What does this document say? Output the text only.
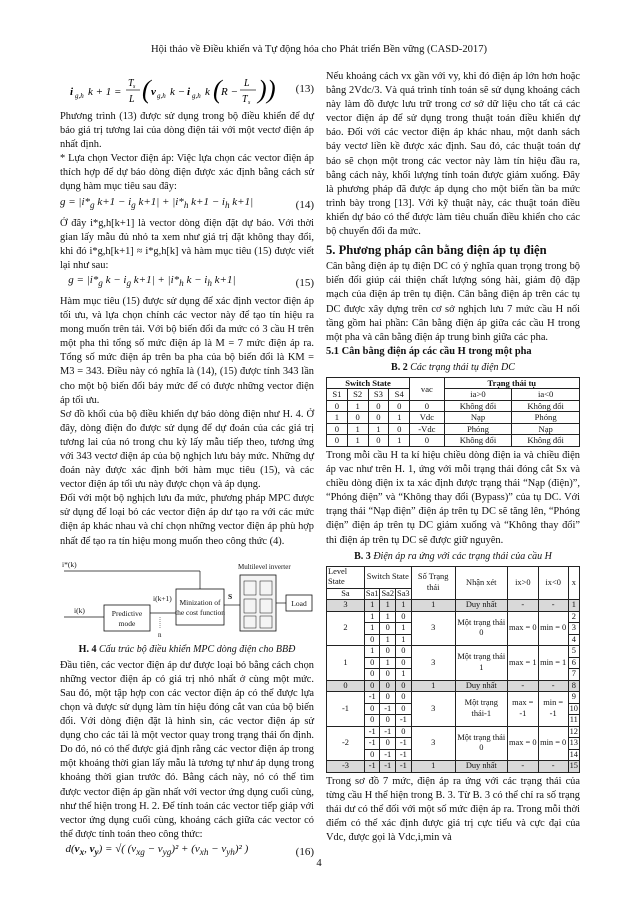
Hội thảo về Điều khiển và Tự động hóa cho Phát triển Bền vững (CASD-2017)
i g,h k + 1 =
T s
L ( v g,h k − i g,h k ( R −
L
T s ) ) (13)

Phương trình (13) được sử dụng trong bộ điều khiển để dự báo giá trị tương lai của dòng điện tải với một vectơ điện áp nhất định.

* Lựa chọn Vector điện áp: Việc lựa chọn các vector điện áp thích hợp để dự báo dòng điện được xác định bằng cách sử dụng hàm mục tiêu sau đây:

$g = |i*_g$ $k+1 - i_g$ $k+1| + |i*_h$ $k+1 - i_h$ k+1|	(14)

Ở đây i*g,h[k+1] là vector dòng điện đặt dự báo. Với thời gian lấy mẫu đủ nhỏ ta xem như giá trị đặt không thay đổi, khi đó i*g,h[k+1] ≈ i*g,h[k] và hàm mục tiêu (15) được viết lại như sau:

$g = |i*_g$ $k - i_g$ $k+1| + |i*_h$ $k - i_h$ k+1|	(15)

Hàm mục tiêu (15) được sử dụng để xác định vector điện áp tối ưu, và lựa chọn chính các vector này để tạo tín hiệu ra mong muốn trên tải. Với bộ biến đổi đa mức có 3 cầu H trên một pha thì tổng số mức điện áp là M = 7 mức điện áp ra. Tổng số mức điện áp trên ba pha của bộ biến đổi là KM = M3 = 343. Điều này có nghĩa là (14), (15) được tính 343 lần cho một bộ biến đổi bảy mức để có được những vector điện áp tối ưu.

Sơ đồ khối của bộ điều khiển dự báo dòng điện như H. 4. Ở đây, dòng điện đo được sử dụng để dự đoán của các giá trị tương lai của nó trong chu kỳ lấy mẫu tiếp theo, tương ứng với 343 vectơ điện áp của bộ nghịch lưu bảy mức. Những dự đoán này được xác định bởi hàm mục tiêu (15), và các vector điện áp tối ưu này được chọn và áp dụng.

Đối với một bộ nghịch lưu đa mức, phương pháp MPC được sử dụng để loại bỏ các vector điện áp dư tạo ra với các mức điện áp khác nhau và chỉ chọn những vector điện áp phù hợp nhất để tạo ra tín hiệu mong muốn theo công thức (4).

i*(k)
i(k)	Predictive
mode
i(k+1) Minization of
the cost function
n
S
Multilevel inverter
Load

H. 4 Cấu trúc bộ điều khiển MPC dòng điện cho BBĐ

Đầu tiên, các vector điện áp dư được loại bỏ bằng cách chọn những vector điện áp có giá trị nhỏ nhất ở cùng một mức. Sau đó, một tập hợp con các vector điện áp có thể được lựa chọn và được sử dụng làm tín hiệu đóng cắt van của bộ biến đổi. Với dòng điện đặt là hình sin, các vector điện áp sử dụng cho các tải là một vector quay trong trạng thái ổn định. Do đó, nó có thể được giả định rằng các vector điện áp trong một khoảng thời gian lấy mẫu là tương tự như áp dụng trong khoảng thời gian trước đó. Bằng cách này, nó có thể tìm được vector điện áp gần nhất với vector ứng dụng cuối cùng, như thể hiện trong H. 2. Để tính toán các vector tiếp giáp với vector ứng dụng cuối cùng, khoảng cách giữa các vector có thể được tính toán theo công thức:

$d(v_x$, $v_y$) = √( $(v_{xg} - v_{yg})^2 + (v_{xh} - v_{yh})^2$ )	(16)

Nếu khoảng cách vx gần với vy, khi đó điện áp lớn hơn hoặc bằng 2Vdc/3. Và quá trình tính toán sẽ sử dụng khoảng cách này làm đồ được lưu trữ trong cơ sở dữ liệu cho tất cả các vector điện áp để sử dụng trong thuật toán điều khiển dự báo. Đối với các vector điện áp khác nhau, một danh sách bảy vectơ liền kề được xác định. Sau đó, các thuật toán dự báo sẽ chọn một trong các vector này làm tín hiệu đầu ra, bằng cách này, khối lượng tính toán được giảm xuống. Đây là phương pháp đã được áp dụng cho một biến tần ba mức trình bày trong [13]. Với kỹ thuật này, các thuật toán điều khiển dự báo có thể được làm tiêu chuẩn điều khiển cho các bộ chuyển đổi đa mức.

5. Phương pháp cân bằng điện áp tụ điện

Cân bằng điện áp tụ điện DC có ý nghĩa quan trọng trong bộ biến đổi giúp cải thiện chất lượng sóng hài, giảm độ đập mạch của điện áp trên tụ điện. Cân bằng điện áp trên các tụ DC được xây dựng trên cơ sở nghịch lưu 7 mức cầu H nối tầng gồm hai phần: Cân bằng điện áp giữa các cầu H trong một pha và cân bằng điện áp trung bình giữa các pha.

5.1 Cân bằng điện áp các cầu H trong một pha

B. 2 Các trạng thái tụ điện DC

Switch State				vac	Trạng thái tụ	
S1	S2	S3	S4		ia>0	ia<0
0	1	0	0	0	Không đổi	Không đổi
1	0	0	1	Vdc	Nạp	Phóng
0	1	1	0	-Vdc	Phóng	Nạp
0	1	0	1	0	Không đổi	Không đổi

Trong mỗi cầu H ta kí hiệu chiều dòng điện ia và chiều điện áp vac như trên H. 1, ứng với mỗi trạng thái đóng cắt Sx và chiều dòng điện ix ta xác định được trạng thái “Nạp (điện)”, “Phóng điện” và “Không thay đổi (Bypass)” của tụ DC. Với trạng thái “Nạp điện” điện áp trên tụ DC sẽ tăng lên, “Phóng điện” điện áp trên tụ DC giảm xuống và “Không thay đổi” thì điện áp trên tụ DC sẽ được giữ nguyên.

B. 3 Điện áp ra ứng với các trạng thái của cầu H

Level State	Switch State			Số Trạng thái	Nhận xét	ix>0	ix<0	x
Sa	Sa1	Sa2	Sa3					
3	1	1	1	1	Duy nhất	-	-	1
2	1	1	0	3	Một trạng thái 0	max = 0	min = 0	2
	1	0	1					3
	0	1	1					4
1	1	0	0	3	Một trạng thái 1	max = 1	min = 1	5
	0	1	0					6
	0	0	1					7
0	0	0	0	1	Duy nhất	-	-	8
-1	-1	0	0	3	Một trạng thái-1	max = -1	min = -1	9
	0	-1	0					10
	0	0	-1					11
-2	-1	-1	0	3	Một trạng thái 0	max = 0	min = 0	12
	-1	0	-1					13
	0	-1	-1					14
-3	-1	-1	-1	1	Duy nhất	-	-	15

Trong sơ đồ 7 mức, điện áp ra ứng với các trạng thái của từng cầu H thể hiện trong B. 3. Từ B. 3 có thể chỉ ra số trạng thái dư có thể đối với một số mức điện áp ra. Trong mỗi thời điểm có thể xác định được giá trị cực tiểu và cực đại của Vdc, được gọi là Vdc,i,min và

4
